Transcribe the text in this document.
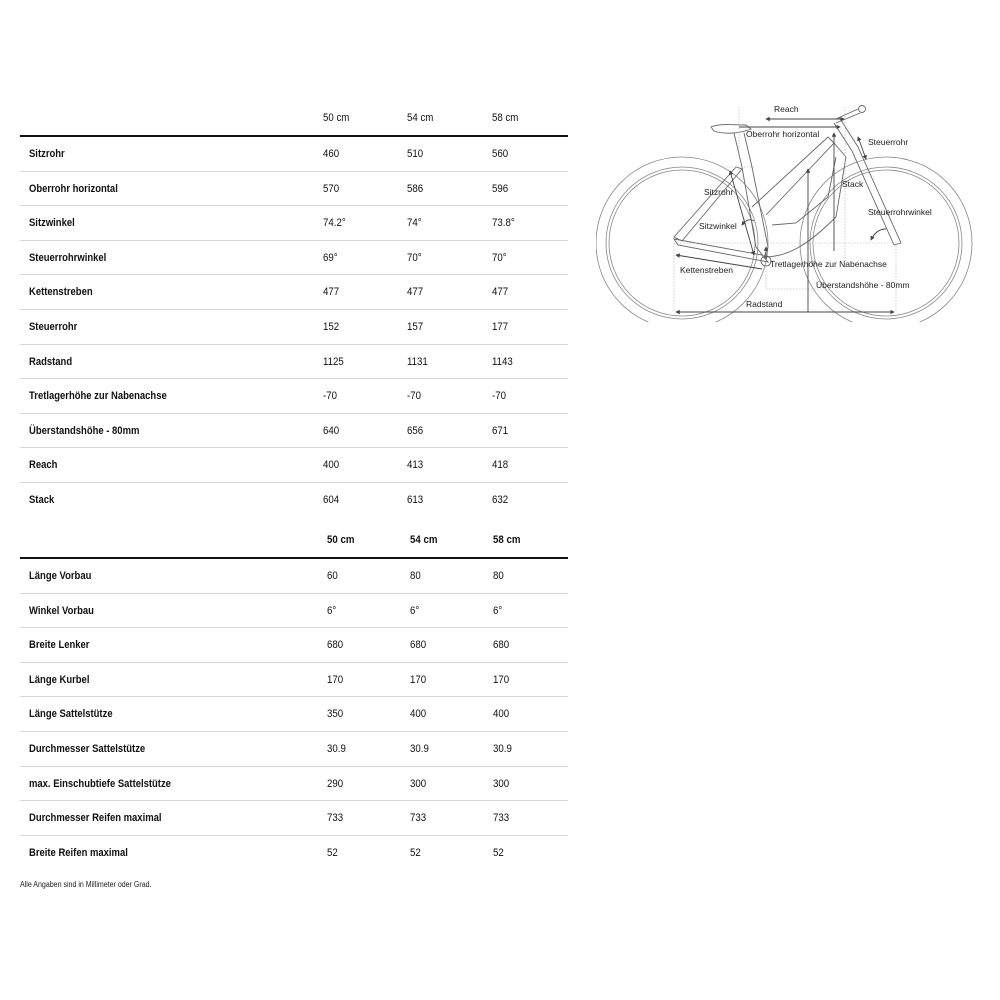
50 cm	54 cm	58 cm
Sitzrohr	460	510	560
Oberrohr horizontal	570	586	596
Sitzwinkel	74.2°	74°	73.8°
Steuerrohrwinkel	69°	70°	70°
Kettenstreben	477	477	477
Steuerrohr	152	157	177
Radstand	1125	1131	1143
Tretlagerhöhe zur Nabenachse	-70	-70	-70
Überstandshöhe - 80mm	640	656	671
Reach	400	413	418
Stack	604	613	632
50 cm	54 cm	58 cm
Länge Vorbau	60	80	80
Winkel Vorbau	6°	6°	6°
Breite Lenker	680	680	680
Länge Kurbel	170	170	170
Länge Sattelstütze	350	400	400
Durchmesser Sattelstütze	30.9	30.9	30.9
max. Einschubtiefe Sattelstütze	290	300	300
Durchmesser Reifen maximal	733	733	733
Breite Reifen maximal	52	52	52
Alle Angaben sind in Millimeter oder Grad.
Reach
Oberrohr horizontal
Steuerrohr
Sitzrohr
Stack
Steuerrohrwinkel
Sitzwinkel
Tretlagerhöhe zur Nabenachse
Kettenstreben
Überstandshöhe - 80mm
Radstand
